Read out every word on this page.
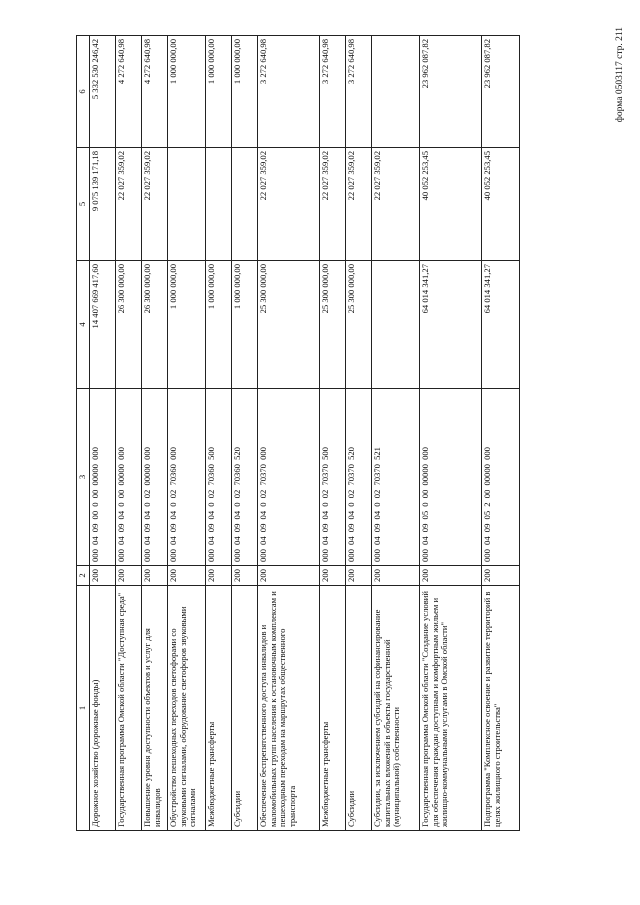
форма 0503117 стр. 211
1	2	3	4	5	6
Дорожное хозяйство (дорожные фонды)	200	000 04 09 00 0 00 00000 000	14 407 669 417,60	9 075 139 171,18	5 332 530 246,42
Государственная программа Омской области "Доступная среда"	200	000 04 09 04 0 00 00000 000	26 300 000,00	22 027 359,02	4 272 640,98
Повышение уровня доступности объектов и услуг для инвалидов	200	000 04 09 04 0 02 00000 000	26 300 000,00	22 027 359,02	4 272 640,98
Обустройство пешеходных переходов светофорами со звуковыми сигналами, оборудование светофоров звуковыми сигналами	200	000 04 09 04 0 02 70360 000	1 000 000,00		1 000 000,00
Межбюджетные трансферты	200	000 04 09 04 0 02 70360 500	1 000 000,00		1 000 000,00
Субсидии	200	000 04 09 04 0 02 70360 520	1 000 000,00		1 000 000,00
Обеспечение беспрепятственного доступа инвалидов и маломобильных групп населения к остановочным комплексам и пешеходным переходам на маршрутах общественного транспорта	200	000 04 09 04 0 02 70370 000	25 300 000,00	22 027 359,02	3 272 640,98
Межбюджетные трансферты	200	000 04 09 04 0 02 70370 500	25 300 000,00	22 027 359,02	3 272 640,98
Субсидии	200	000 04 09 04 0 02 70370 520	25 300 000,00	22 027 359,02	3 272 640,98
Субсидии, за исключением субсидий на софинансирование капитальных вложений в объекты государственной (муниципальной) собственности	200	000 04 09 04 0 02 70370 521		22 027 359,02	
Государственная программа Омской области "Создание условий для обеспечения граждан доступным и комфортным жильем и жилищно-коммунальными услугами в Омской области"	200	000 04 09 05 0 00 00000 000	64 014 341,27	40 052 253,45	23 962 087,82
Подпрограмма "Комплексное освоение и развитие территорий в целях жилищного строительства"	200	000 04 09 05 2 00 00000 000	64 014 341,27	40 052 253,45	23 962 087,82
